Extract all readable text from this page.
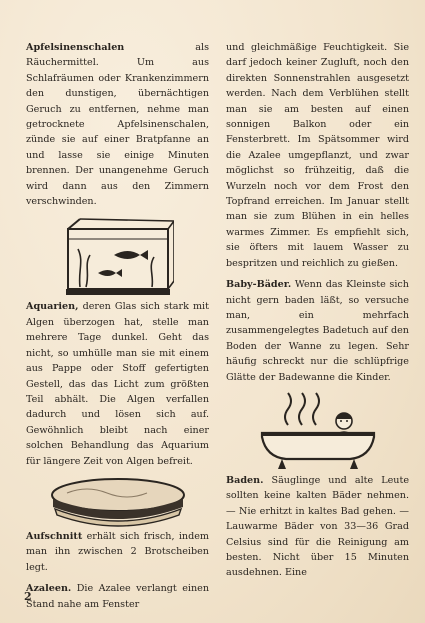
Apfelsinenschalen	als Räuchermittel. Um aus Schlafräumen oder Krankenzimmern den dunstigen, übernächtigen Geruch zu entfernen, nehme man getrocknete Apfelsinenschalen, zünde sie auf einer Bratpfanne an und lasse sie einige Minuten brennen. Der unangenehme Geruch wird dann aus den Zimmern verschwinden.

Aquarien, deren Glas sich stark mit Algen überzogen hat, stelle man mehrere Tage dunkel. Geht das nicht, so umhülle man sie mit einem aus Pappe oder Stoff gefertigten Gestell, das das Licht zum größten Teil abhält. Die Algen verfallen dadurch und lösen sich auf. Gewöhnlich bleibt nach einer solchen Behandlung das Aquarium für längere Zeit von Algen befreit.

Aufschnitt erhält sich frisch, indem man ihn zwischen 2 Brotscheiben legt.

Azaleen. Die Azalee verlangt einen Stand nahe am Fenster

und gleichmäßige Feuchtigkeit. Sie darf jedoch keiner Zugluft, noch den direkten Sonnenstrahlen ausgesetzt werden. Nach dem Verblühen stellt man sie am besten auf einen sonnigen Balkon oder ein Fensterbrett. Im Spätsommer wird die Azalee umgepflanzt, und zwar möglichst so frühzeitig, daß die Wurzeln noch vor dem Frost den Topfrand erreichen. Im Januar stellt man sie zum Blühen in ein helles warmes Zimmer. Es empfiehlt sich, sie öfters mit lauem Wasser zu bespritzen und reichlich zu gießen.

Baby-Bäder. Wenn das Kleinste sich nicht gern baden läßt, so versuche man, ein mehrfach zusammengelegtes Badetuch auf den Boden der Wanne zu legen. Sehr häufig schreckt nur die schlüpfrige Glätte der Badewanne die Kinder.

Baden. Säuglinge und alte Leute sollten keine kalten Bäder nehmen. — Nie erhitzt in kaltes Bad gehen. — Lauwarme Bäder von 33—36 Grad Celsius sind für die Reinigung am besten. Nicht über 15 Minuten ausdehnen. Eine

2
